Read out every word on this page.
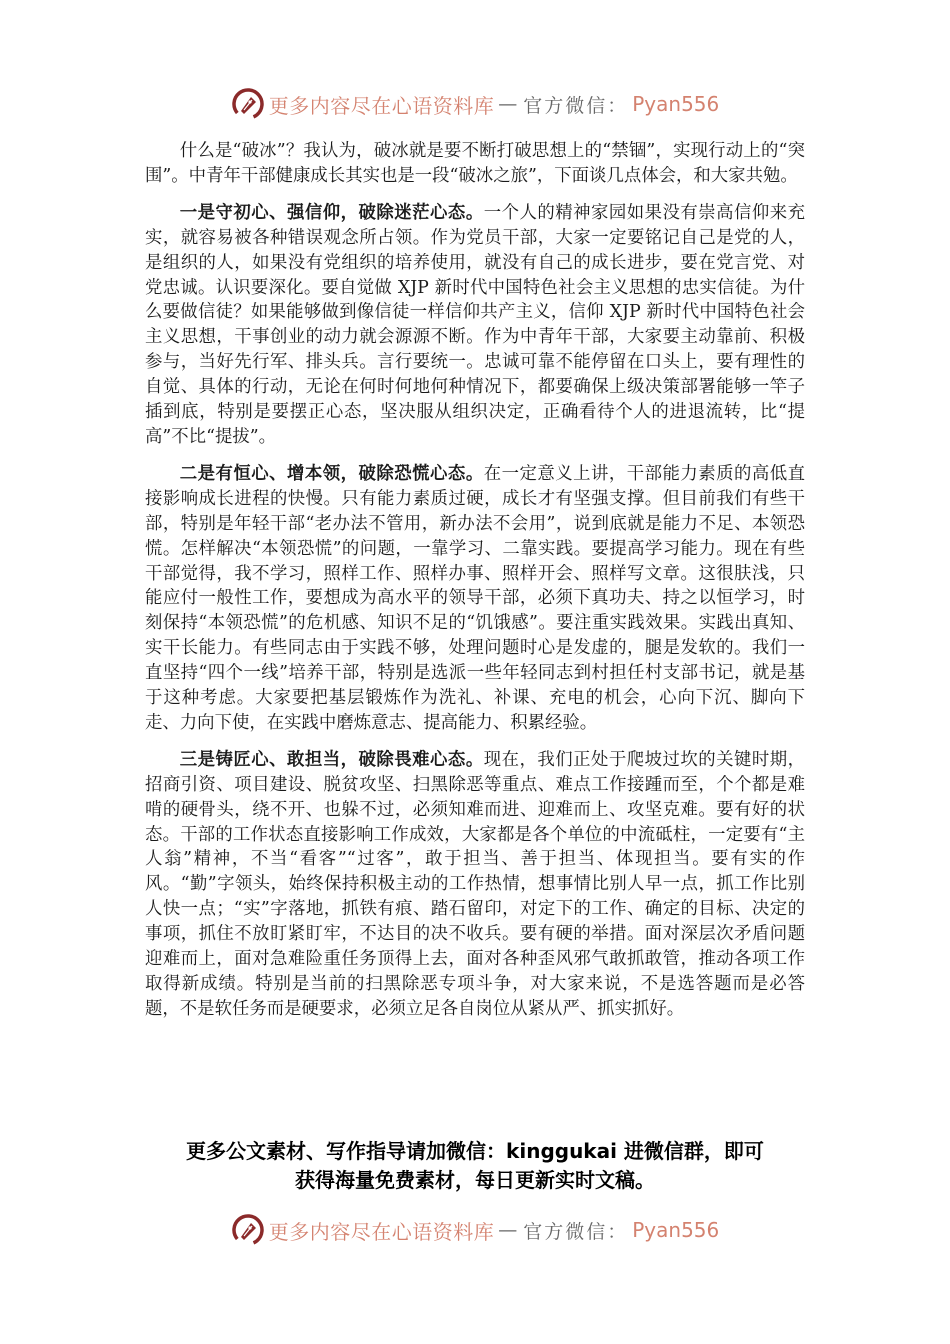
更多内容尽在心语资料库 — 官方微信： Pyan556

什么是“破冰”？我认为，破冰就是要不断打破思想上的“禁锢”，实现行动上的“突围”。中青年干部健康成长其实也是一段“破冰之旅”，下面谈几点体会，和大家共勉。

一是守初心、强信仰，破除迷茫心态。一个人的精神家园如果没有崇高信仰来充实，就容易被各种错误观念所占领。作为党员干部，大家一定要铭记自己是党的人，是组织的人，如果没有党组织的培养使用，就没有自己的成长进步，要在党言党、对党忠诚。认识要深化。要自觉做 XJP 新时代中国特色社会主义思想的忠实信徒。为什么要做信徒？如果能够做到像信徒一样信仰共产主义，信仰 XJP 新时代中国特色社会主义思想，干事创业的动力就会源源不断。作为中青年干部，大家要主动靠前、积极参与，当好先行军、排头兵。言行要统一。忠诚可靠不能停留在口头上，要有理性的自觉、具体的行动，无论在何时何地何种情况下，都要确保上级决策部署能够一竿子插到底，特别是要摆正心态，坚决服从组织决定，正确看待个人的进退流转，比“提高”不比“提拔”。

二是有恒心、增本领，破除恐慌心态。在一定意义上讲，干部能力素质的高低直接影响成长进程的快慢。只有能力素质过硬，成长才有坚强支撑。但目前我们有些干部，特别是年轻干部“老办法不管用，新办法不会用”，说到底就是能力不足、本领恐慌。怎样解决“本领恐慌”的问题，一靠学习、二靠实践。要提高学习能力。现在有些干部觉得，我不学习，照样工作、照样办事、照样开会、照样写文章。这很肤浅，只能应付一般性工作，要想成为高水平的领导干部，必须下真功夫、持之以恒学习，时刻保持“本领恐慌”的危机感、知识不足的“饥饿感”。要注重实践效果。实践出真知、实干长能力。有些同志由于实践不够，处理问题时心是发虚的，腿是发软的。我们一直坚持“四个一线”培养干部，特别是选派一些年轻同志到村担任村支部书记，就是基于这种考虑。大家要把基层锻炼作为洗礼、补课、充电的机会，心向下沉、脚向下走、力向下使，在实践中磨炼意志、提高能力、积累经验。

三是铸匠心、敢担当，破除畏难心态。现在，我们正处于爬坡过坎的关键时期，招商引资、项目建设、脱贫攻坚、扫黑除恶等重点、难点工作接踵而至，个个都是难啃的硬骨头，绕不开、也躲不过，必须知难而进、迎难而上、攻坚克难。要有好的状态。干部的工作状态直接影响工作成效，大家都是各个单位的中流砥柱，一定要有“主人翁”精神，不当“看客”“过客”，敢于担当、善于担当、体现担当。要有实的作风。“勤”字领头，始终保持积极主动的工作热情，想事情比别人早一点，抓工作比别人快一点；“实”字落地，抓铁有痕、踏石留印，对定下的工作、确定的目标、决定的事项，抓住不放盯紧盯牢，不达目的决不收兵。要有硬的举措。面对深层次矛盾问题迎难而上，面对急难险重任务顶得上去，面对各种歪风邪气敢抓敢管，推动各项工作取得新成绩。特别是当前的扫黑除恶专项斗争，对大家来说，不是选答题而是必答题，不是软任务而是硬要求，必须立足各自岗位从紧从严、抓实抓好。

更多公文素材、写作指导请加微信：kinggukai 进微信群，即可
获得海量免费素材，每日更新实时文稿。
更多内容尽在心语资料库 — 官方微信： Pyan556
